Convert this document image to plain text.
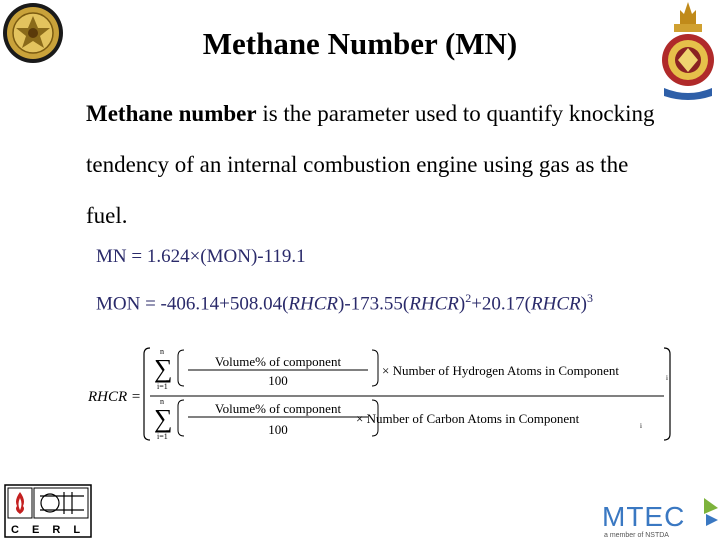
Methane Number (MN)
Methane number is the parameter used to quantify knocking tendency of an internal combustion engine using gas as the fuel.
MN = 1.624×(MON)‑119.1
MON = ‑406.14+508.04(RHCR)‑173.55(RHCR)$^2$+20.17(RHCR)$^3$
RHCR =
n
∑
i=1
Volume% of component
100
× Number of Hydrogen Atoms in Component	i
n
∑
i=1
Volume% of component
100
× Number of Carbon Atoms in Component	i
C E R L	MTEC
a member of NSTDA
